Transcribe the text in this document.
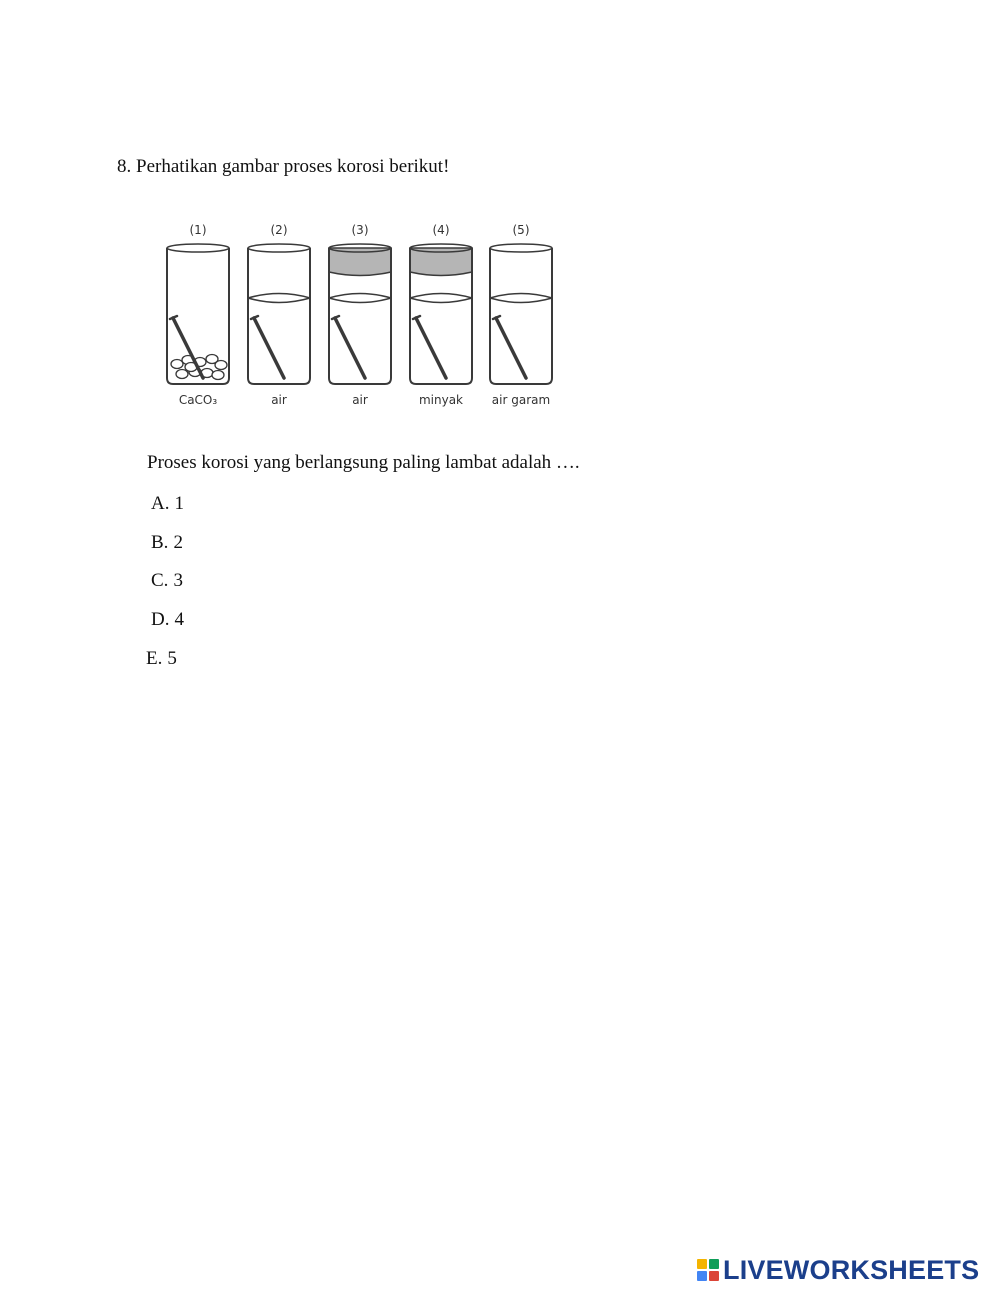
8. Perhatikan gambar proses korosi berikut!
(1)
CaCO₃
(2)
air
(3)
air
(4)
minyak
(5)
air garam
Proses korosi yang berlangsung paling lambat adalah ….
A. 1
B. 2
C. 3
D. 4
E. 5
LIVEWORKSHEETS
